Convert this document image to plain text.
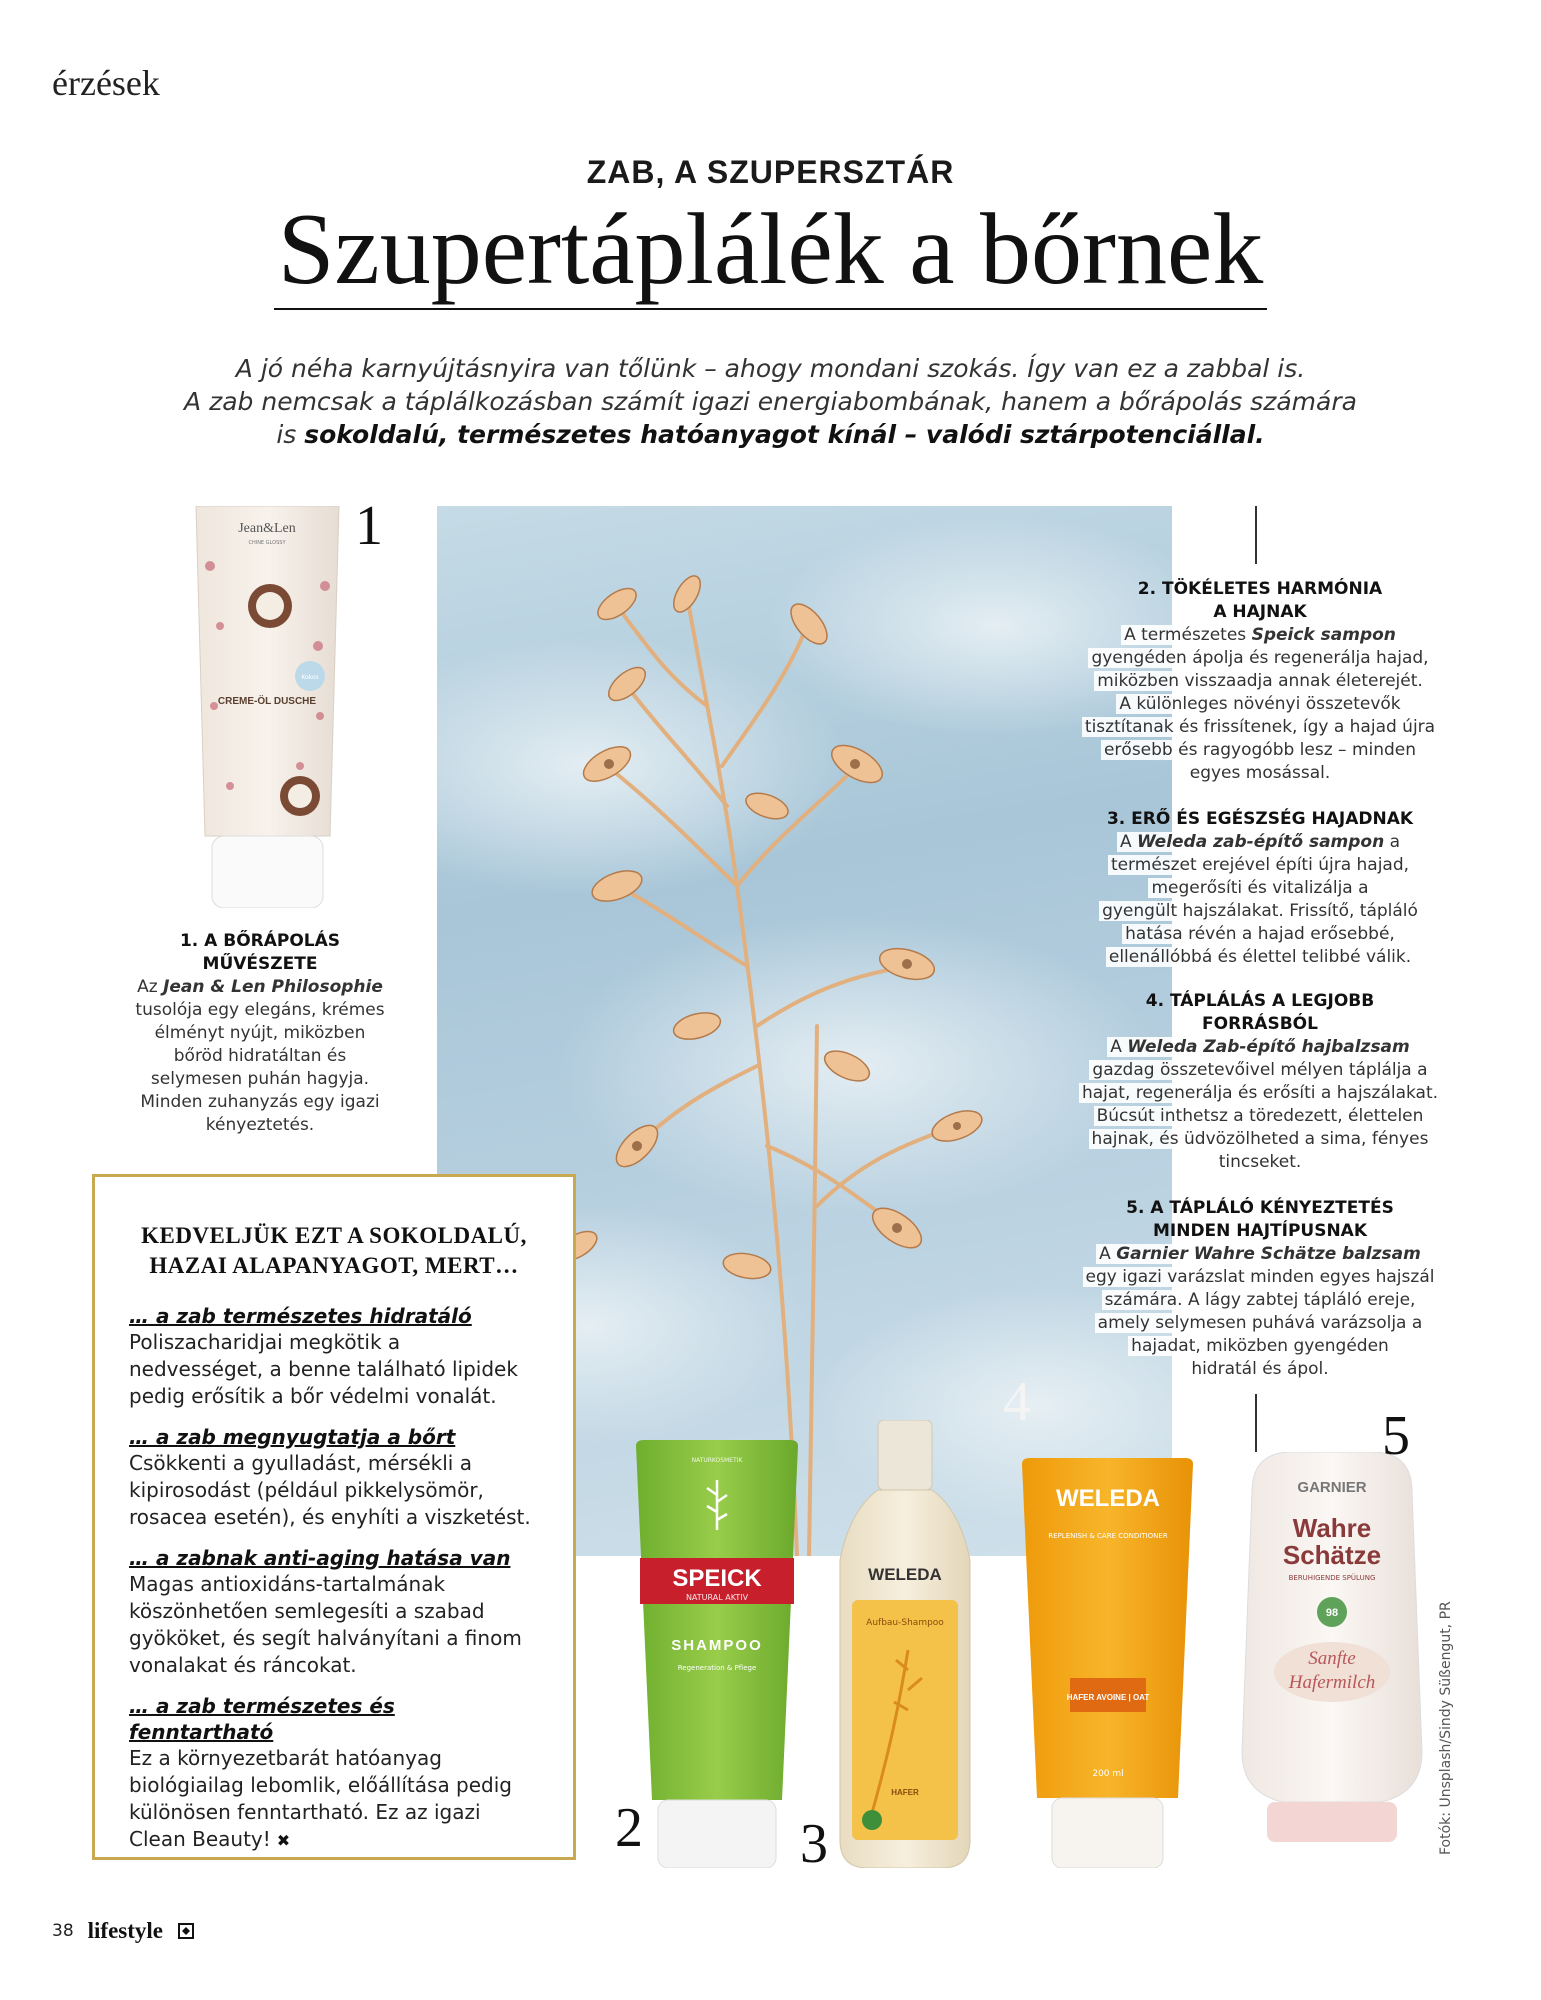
érzések
ZAB, A SZUPERSZTÁR
Szupertáplálék a bőrnek
A jó néha karnyújtásnyira van tőlünk – ahogy mondani szokás. Így van ez a zabbal is.
A zab nemcsak a táplálkozásban számít igazi energiabombának, hanem a bőrápolás számára
is sokoldalú, természetes hatóanyagot kínál – valódi sztárpotenciállal.
Jean&Len
CHINE GLOSSY
CREME-ÖL DUSCHE
Kokos
1
1. A BŐRÁPOLÁS
MŰVÉSZETE
Az Jean & Len Philosophie
tusolója egy elegáns, krémes
élményt nyújt, miközben
bőröd hidratáltan és
selymesen puhán hagyja.
Minden zuhanyzás egy igazi
kényeztetés.
2. TÖKÉLETES HARMÓNIA
A HAJNAK
A természetes Speick sampon
gyengéden ápolja és regenerálja hajad,
miközben visszaadja annak életerejét.
A különleges növényi összetevők
tisztítanak és frissítenek, így a hajad újra
erősebb és ragyogóbb lesz – minden
egyes mosással.
3. ERŐ ÉS EGÉSZSÉG HAJADNAK
A Weleda zab-építő sampon a
természet erejével építi újra hajad,
megerősíti és vitalizálja a
gyengült hajszálakat. Frissítő, tápláló
hatása révén a hajad erősebbé,
ellenállóbbá és élettel telibbé válik.
4. TÁPLÁLÁS A LEGJOBB
FORRÁSBÓL
A Weleda Zab-építő hajbalzsam
gazdag összetevőivel mélyen táplálja a
hajat, regenerálja és erősíti a hajszálakat.
Búcsút inthetsz a töredezett, élettelen
hajnak, és üdvözölheted a sima, fényes
tincseket.
5. A TÁPLÁLÓ KÉNYEZTETÉS
MINDEN HAJTÍPUSNAK
A Garnier Wahre Schätze balzsam
egy igazi varázslat minden egyes hajszál
számára. A lágy zabtej tápláló ereje,
amely selymesen puhává varázsolja a
hajadat, miközben gyengéden
hidratál és ápol.
KEDVELJÜK EZT A SOKOLDALÚ,
HAZAI ALAPANYAGOT, MERT…
… a zab természetes hidratáló
Poliszacharidjai megkötik a nedvességet, a benne található lipidek pedig erősítik a bőr védelmi vonalát.
… a zab megnyugtatja a bőrt
Csökkenti a gyulladást, mérsékli a kipirosodást (például pikkelysömör, rosacea esetén), és enyhíti a viszketést.
… a zabnak anti-aging hatása van
Magas antioxidáns-tartalmának köszönhetően semlegesíti a szabad gyököket, és segít halványítani a finom vonalakat és ráncokat.
… a zab természetes és fenntartható
Ez a környezetbarát hatóanyag biológiailag lebomlik, előállítása pedig különösen fenntartható. Ez az igazi Clean Beauty! ✖
NATURKOSMETIK
SPEICK
NATURAL AKTIV
SHAMPOO
Regeneration & Pflege
WELEDA
Aufbau-Shampoo
HAFER
WELEDA
REPLENISH & CARE CONDITIONER
HAFER AVOINE | OAT
200 ml
GARNIER
Wahre
Schätze
BERUHIGENDE SPÜLUNG
98
Sanfte
Hafermilch
4
5
2	3	Fotók: Unsplash/Sindy Süßengut, PR
38 lifestyle
